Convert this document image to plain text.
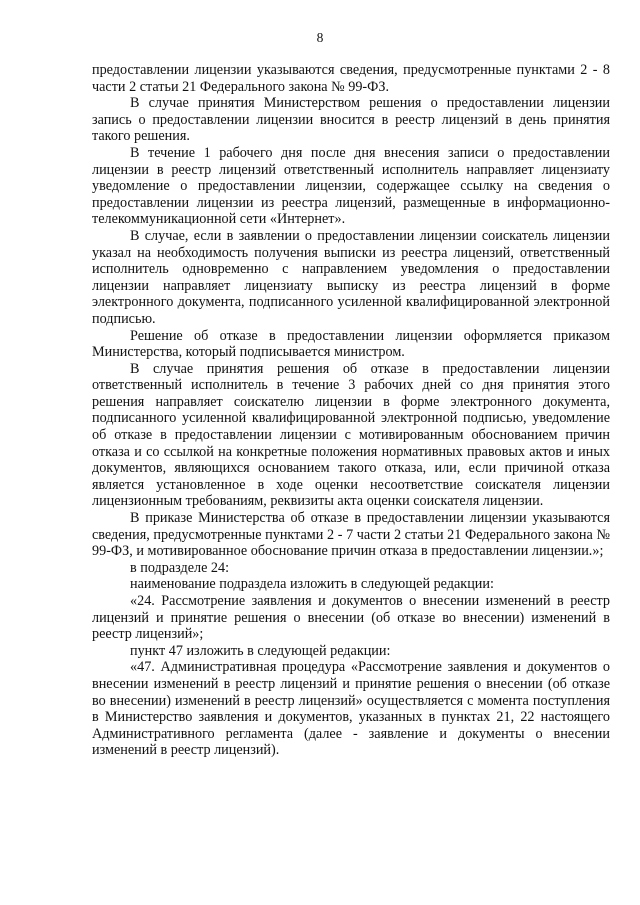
8

предоставлении лицензии указываются сведения, предусмотренные пунктами 2 - 8 части 2 статьи 21 Федерального закона № 99-ФЗ.

В случае принятия Министерством решения о предоставлении лицензии запись о предоставлении лицензии вносится в реестр лицензий в день принятия такого решения.

В течение 1 рабочего дня после дня внесения записи о предоставлении лицензии в реестр лицензий ответственный исполнитель направляет лицензиату уведомление о предоставлении лицензии, содержащее ссылку на сведения о предоставлении лицензии из реестра лицензий, размещенные в информационно-телекоммуникационной сети «Интернет».

В случае, если в заявлении о предоставлении лицензии соискатель лицензии указал на необходимость получения выписки из реестра лицензий, ответственный исполнитель одновременно с направлением уведомления о предоставлении лицензии направляет лицензиату выписку из реестра лицензий в форме электронного документа, подписанного усиленной квалифицированной электронной подписью.

Решение об отказе в предоставлении лицензии оформляется приказом Министерства, который подписывается министром.

В случае принятия решения об отказе в предоставлении лицензии ответственный исполнитель в течение 3 рабочих дней со дня принятия этого решения направляет соискателю лицензии в форме электронного документа, подписанного усиленной квалифицированной электронной подписью, уведомление об отказе в предоставлении лицензии с мотивированным обоснованием причин отказа и со ссылкой на конкретные положения нормативных правовых актов и иных документов, являющихся основанием такого отказа, или, если причиной отказа является установленное в ходе оценки несоответствие соискателя лицензии лицензионным требованиям, реквизиты акта оценки соискателя лицензии.

В приказе Министерства об отказе в предоставлении лицензии указываются сведения, предусмотренные пунктами 2 - 7 части 2 статьи 21 Федерального закона № 99-ФЗ, и мотивированное обоснование причин отказа в предоставлении лицензии.»;

в подразделе 24:

наименование подраздела изложить в следующей редакции:

«24. Рассмотрение заявления и документов о внесении изменений в реестр лицензий и принятие решения о внесении (об отказе во внесении) изменений в реестр лицензий»;

пункт 47 изложить в следующей редакции:

«47. Административная процедура «Рассмотрение заявления и документов о внесении изменений в реестр лицензий и принятие решения о внесении (об отказе во внесении) изменений в реестр лицензий» осуществляется с момента поступления в Министерство заявления и документов, указанных в пунктах 21, 22 настоящего Административного регламента (далее - заявление и документы о внесении изменений в реестр лицензий).
